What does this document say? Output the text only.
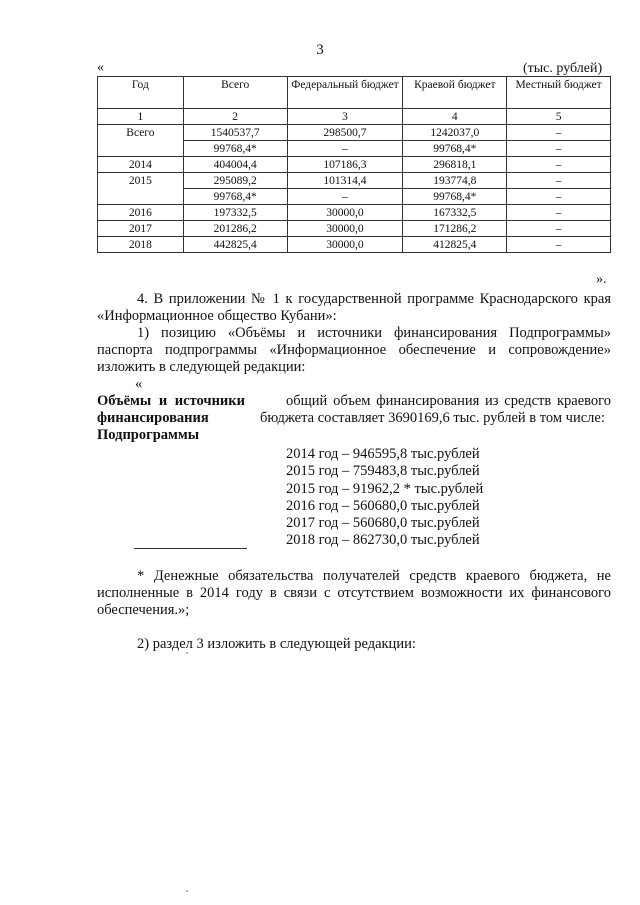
3
«	(тыс. рублей)
Год	Всего	Федеральный бюджет	Краевой бюджет	Местный бюджет
1	2	3	4	5
Всего	1540537,7	298500,7	1242037,0	–
	99768,4*	–	99768,4*	–
2014	404004,4	107186,3	296818,1	–
2015	295089,2	101314,4	193774,8	–
	99768,4*	–	99768,4*	–
2016	197332,5	30000,0	167332,5	–
2017	201286,2	30000,0	171286,2	–
2018	442825,4	30000,0	412825,4	–
».
4. В приложении № 1 к государственной программе Краснодарского края «Информационное общество Кубани»:
1) позицию «Объёмы и источники финансирования Подпрограммы» паспорта подпрограммы «Информационное обеспечение и сопровождение» изложить в следующей редакции:
«
Объёмы и источники финансирования Подпрограммы
общий объем финансирования из средств краевого бюджета составляет 3690169,6 тыс. рублей в том числе:
2014 год – 946595,8 тыс.рублей
2015 год – 759483,8 тыс.рублей
2015 год – 91962,2 * тыс.рублей
2016 год – 560680,0 тыс.рублей
2017 год – 560680,0 тыс.рублей
2018 год – 862730,0 тыс.рублей
* Денежные обязательства получателей средств краевого бюджета, не исполненные в 2014 году в связи с отсутствием возможности их финансового обеспечения.»;
2) раздел 3 изложить в следующей редакции:
